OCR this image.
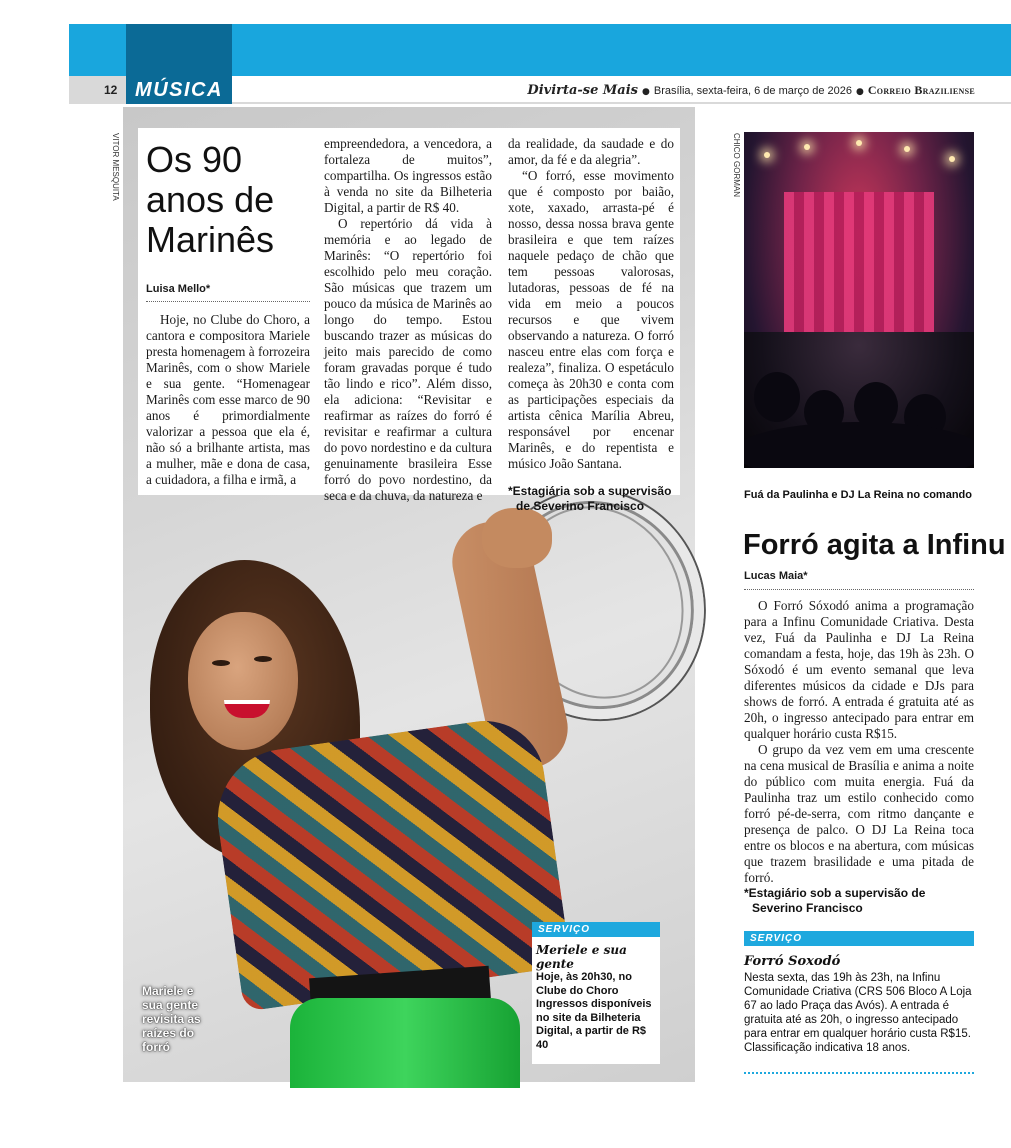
MÚSICA
12	Divirta-se Mais ● Brasília, sexta-feira, 6 de março de 2026 ● Correio Braziliense
VITOR MESQUITA Os 90 anos de Marinês
Luisa Mello*

Hoje, no Clube do Choro, a cantora e compositora Mariele presta homenagem à forrozeira Marinês, com o show Mariele e sua gente. “Homenagear Marinês com esse marco de 90 anos é primordialmente valorizar a pessoa que ela é, não só a brilhante artista, mas a mulher, mãe e dona de casa, a cuidadora, a filha e irmã, a

empreendedora, a vencedora, a fortaleza de muitos”, compartilha. Os ingressos estão à venda no site da Bilheteria Digital, a partir de R$ 40.

O repertório dá vida à memória e ao legado de Marinês: “O repertório foi escolhido pelo meu coração. São músicas que trazem um pouco da música de Marinês ao longo do tempo. Estou buscando trazer as músicas do jeito mais parecido de como foram gravadas porque é tudo tão lindo e rico”. Além disso, ela adiciona: “Revisitar e reafirmar as raízes do forró é revisitar e reafirmar a cultura do povo nordestino e da cultura genuinamente brasileira Esse forró do povo nordestino, da seca e da chuva, da natureza e

da realidade, da saudade e do amor, da fé e da alegria”.

“O forró, esse movimento que é composto por baião, xote, xaxado, arrasta-pé é nosso, dessa nossa brava gente brasileira e que tem raízes naquele pedaço de chão que tem pessoas valorosas, lutadoras, pessoas de fé na vida em meio a poucos recursos e que vivem observando a natureza. O forró nasceu entre elas com força e realeza”, finaliza. O espetáculo começa às 20h30 e conta com as participações especiais da artista cênica Marília Abreu, responsável por encenar Marinês, e do repentista e músico João Santana.

*Estagiária sob a supervisão
de Severino Francisco
Mariele e sua gente revisita as raízes do forró
SERVIÇO
Meriele e sua gente
Hoje, às 20h30, no Clube do Choro Ingressos disponíveis no site da Bilheteria Digital, a partir de R$ 40
CHICO GORMAN
Fuá da Paulinha e DJ La Reina no comando
Forró agita a Infinu
Lucas Maia*

O Forró Sóxodó anima a programação para a Infinu Comunidade Criativa. Desta vez, Fuá da Paulinha e DJ La Reina comandam a festa, hoje, das 19h às 23h. O Sóxodó é um evento semanal que leva diferentes músicos da cidade e DJs para shows de forró. A entrada é gratuita até as 20h, o ingresso antecipado para entrar em qualquer horário custa R$15.

O grupo da vez vem em uma crescente na cena musical de Brasília e anima a noite do público com muita energia. Fuá da Paulinha traz um estilo conhecido como forró pé-de-serra, com ritmo dançante e presença de palco. O DJ La Reina toca entre os blocos e na abertura, com músicas que trazem brasilidade e uma pitada de forró.

*Estagiário sob a supervisão de
Severino Francisco
SERVIÇO
Forró Soxodó
Nesta sexta, das 19h às 23h, na Infinu Comunidade Criativa (CRS 506 Bloco A Loja 67 ao lado Praça das Avós). A entrada é gratuita até as 20h, o ingresso antecipado para entrar em qualquer horário custa R$15. Classificação indicativa 18 anos.
